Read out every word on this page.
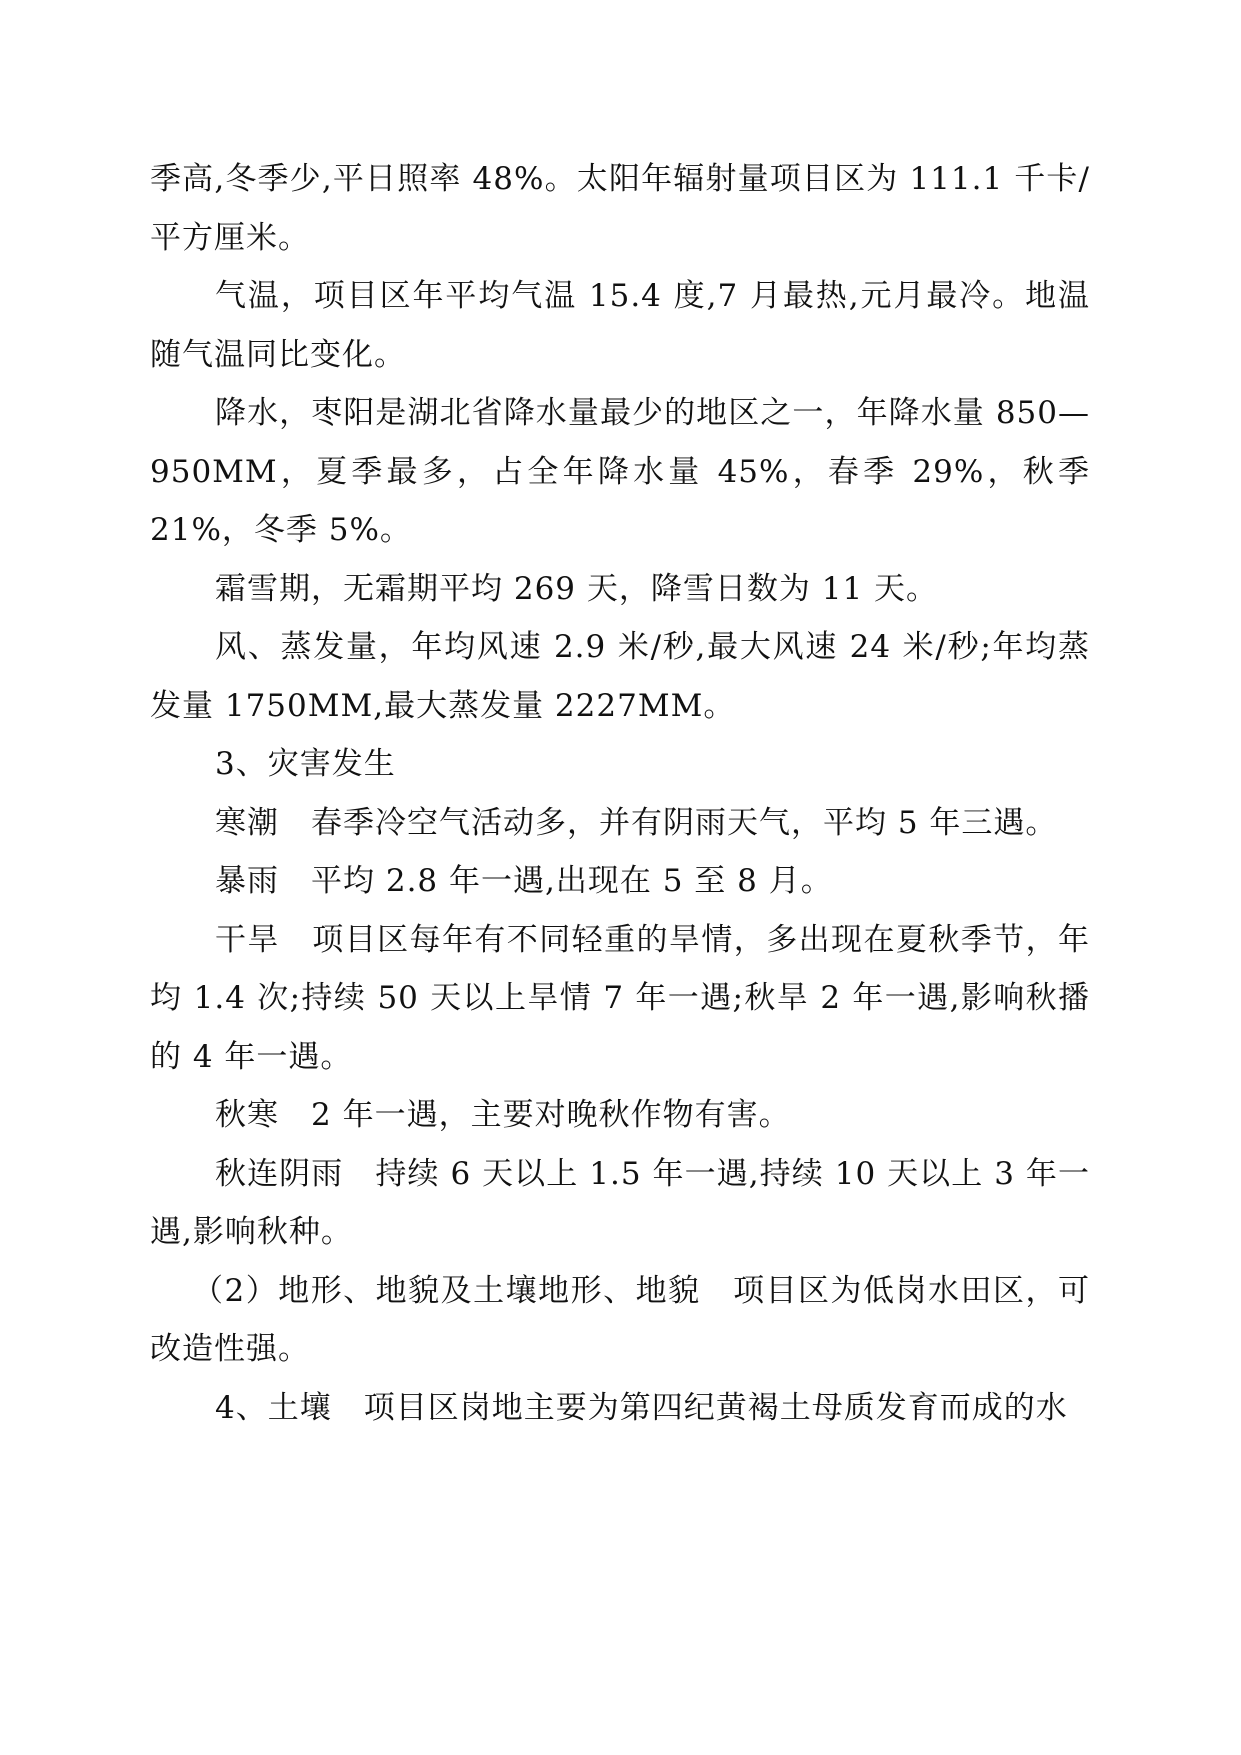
季高,冬季少,平日照率 48%。太阳年辐射量项目区为 111.1 千卡/平方厘米。

气温，项目区年平均气温 15.4 度,7 月最热,元月最冷。地温随气温同比变化。

降水，枣阳是湖北省降水量最少的地区之一，年降水量 850—950MM，夏季最多，占全年降水量 45%，春季 29%，秋季 21%，冬季 5%。

霜雪期，无霜期平均 269 天，降雪日数为 11 天。

风、蒸发量，年均风速 2.9 米/秒,最大风速 24 米/秒;年均蒸发量 1750MM,最大蒸发量 2227MM。

3、灾害发生

寒潮　春季冷空气活动多，并有阴雨天气，平均 5 年三遇。

暴雨　平均 2.8 年一遇,出现在 5 至 8 月。

干旱　项目区每年有不同轻重的旱情，多出现在夏秋季节，年均 1.4 次;持续 50 天以上旱情 7 年一遇;秋旱 2 年一遇,影响秋播的 4 年一遇。

秋寒　2 年一遇，主要对晚秋作物有害。

秋连阴雨　持续 6 天以上 1.5 年一遇,持续 10 天以上 3 年一遇,影响秋种。

（2）地形、地貌及土壤地形、地貌　项目区为低岗水田区，可改造性强。

4、土壤　项目区岗地主要为第四纪黄褐土母质发育而成的水
